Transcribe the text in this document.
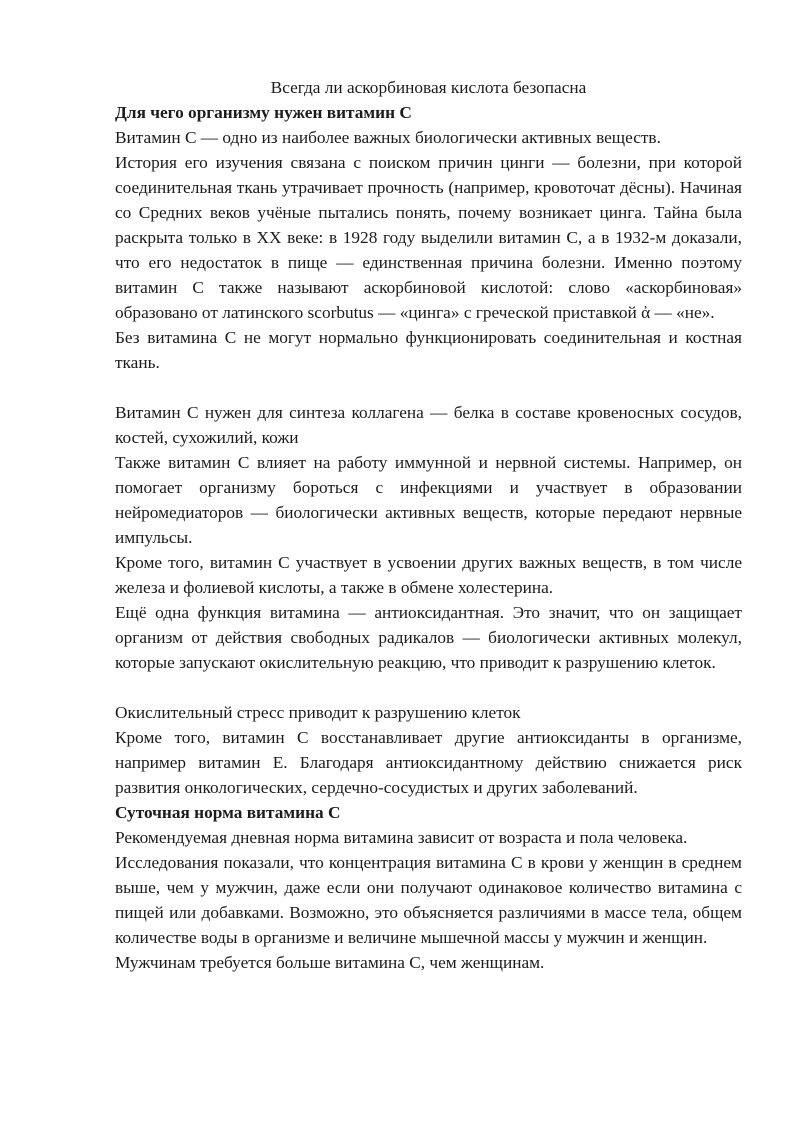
Всегда ли аскорбиновая кислота безопасна

Для чего организму нужен витамин С

Витамин С — одно из наиболее важных биологически активных веществ.

История его изучения связана с поиском причин цинги — болезни, при которой соединительная ткань утрачивает прочность (например, кровоточат дёсны). Начиная со Средних веков учёные пытались понять, почему возникает цинга. Тайна была раскрыта только в XX веке: в 1928 году выделили витамин С, а в 1932-м доказали, что его недостаток в пище — единственная причина болезни. Именно поэтому витамин С также называют аскорбиновой кислотой: слово «аскорбиновая» образовано от латинского scorbutus — «цинга» с греческой приставкой ἀ — «не».

Без витамина С не могут нормально функционировать соединительная и костная ткань.

Витамин С нужен для синтеза коллагена — белка в составе кровеносных сосудов, костей, сухожилий, кожи

Также витамин С влияет на работу иммунной и нервной системы. Например, он помогает организму бороться с инфекциями и участвует в образовании нейромедиаторов — биологически активных веществ, которые передают нервные импульсы.

Кроме того, витамин С участвует в усвоении других важных веществ, в том числе железа и фолиевой кислоты, а также в обмене холестерина.

Ещё одна функция витамина — антиоксидантная. Это значит, что он защищает организм от действия свободных радикалов — биологически активных молекул, которые запускают окислительную реакцию, что приводит к разрушению клеток.

Окислительный стресс приводит к разрушению клеток

Кроме того, витамин С восстанавливает другие антиоксиданты в организме, например витамин Е. Благодаря антиоксидантному действию снижается риск развития онкологических, сердечно-сосудистых и других заболеваний.

Суточная норма витамина С

Рекомендуемая дневная норма витамина зависит от возраста и пола человека.

Исследования показали, что концентрация витамина С в крови у женщин в среднем выше, чем у мужчин, даже если они получают одинаковое количество витамина с пищей или добавками. Возможно, это объясняется различиями в массе тела, общем количестве воды в организме и величине мышечной массы у мужчин и женщин.

Мужчинам требуется больше витамина С, чем женщинам.
